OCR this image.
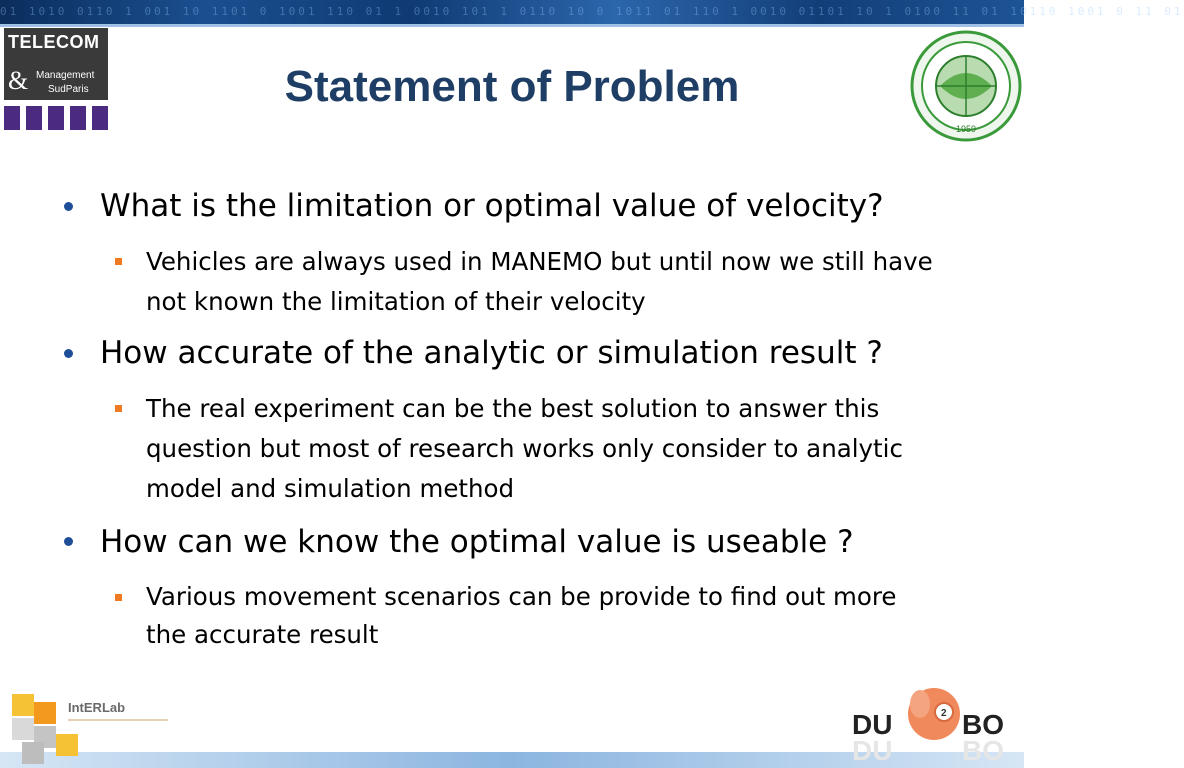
01 1010 0110 1 001 10 1101 0 1001 110 01 1 0010 101 1 0110 10 0 1011 01 110 1 0010 01101 10 1 0100 11 01 10110 1001 0 11 01
TELECOM
& Management
SudParis
1959
Statement of Problem
What is the limitation or optimal value of velocity?
Vehicles are always used in MANEMO but until now we still have not known the limitation of their velocity
How accurate of the analytic or simulation result ?
The real experiment can be the best solution to answer this question but most of research works only consider to analytic model and simulation method
How can we know the optimal value is useable ?
Various movement scenarios can be provide to find out more the accurate result
IntERLab	2
DU BO
DU BO
